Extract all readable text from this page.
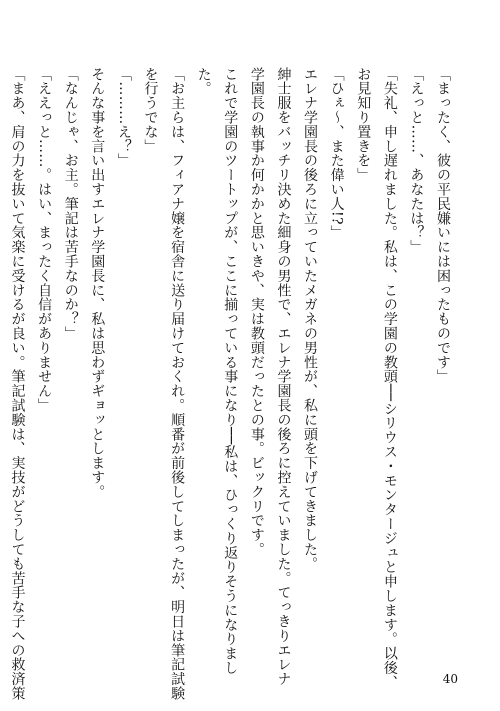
「まったく、彼の平民嫌いには困ったものです」
「えっと……、あなたは？」
「失礼、申し遅れました。私は、この学園の教頭──シリウス・モンタージュと申します。以後、
お見知り置きを」
「ひぇ～、また偉い人!?」
エレナ学園長の後ろに立っていたメガネの男性が、私に頭を下げてきました。
紳士服をバッチリ決めた細身の男性で、エレナ学園長の後ろに控えていました。てっきりエレナ
学園長の執事か何かかと思いきや、実は教頭だったとの事。ビックリです。
これで学園のツートップが、ここに揃っている事になり──私は、ひっくり返りそうになりまし
た。
「お主らは、フィアナ嬢を宿舎に送り届けておくれ。順番が前後してしまったが、明日は筆記試験
を行うでな」
「………え？」
そんな事を言い出すエレナ学園長に、私は思わずギョッとします。
「なんじゃ、お主。筆記は苦手なのか？」
「ええっと……。はい、まったく自信がありません」
「まあ、肩の力を抜いて気楽に受けるが良い。筆記試験は、実技がどうしても苦手な子への救済策	40
